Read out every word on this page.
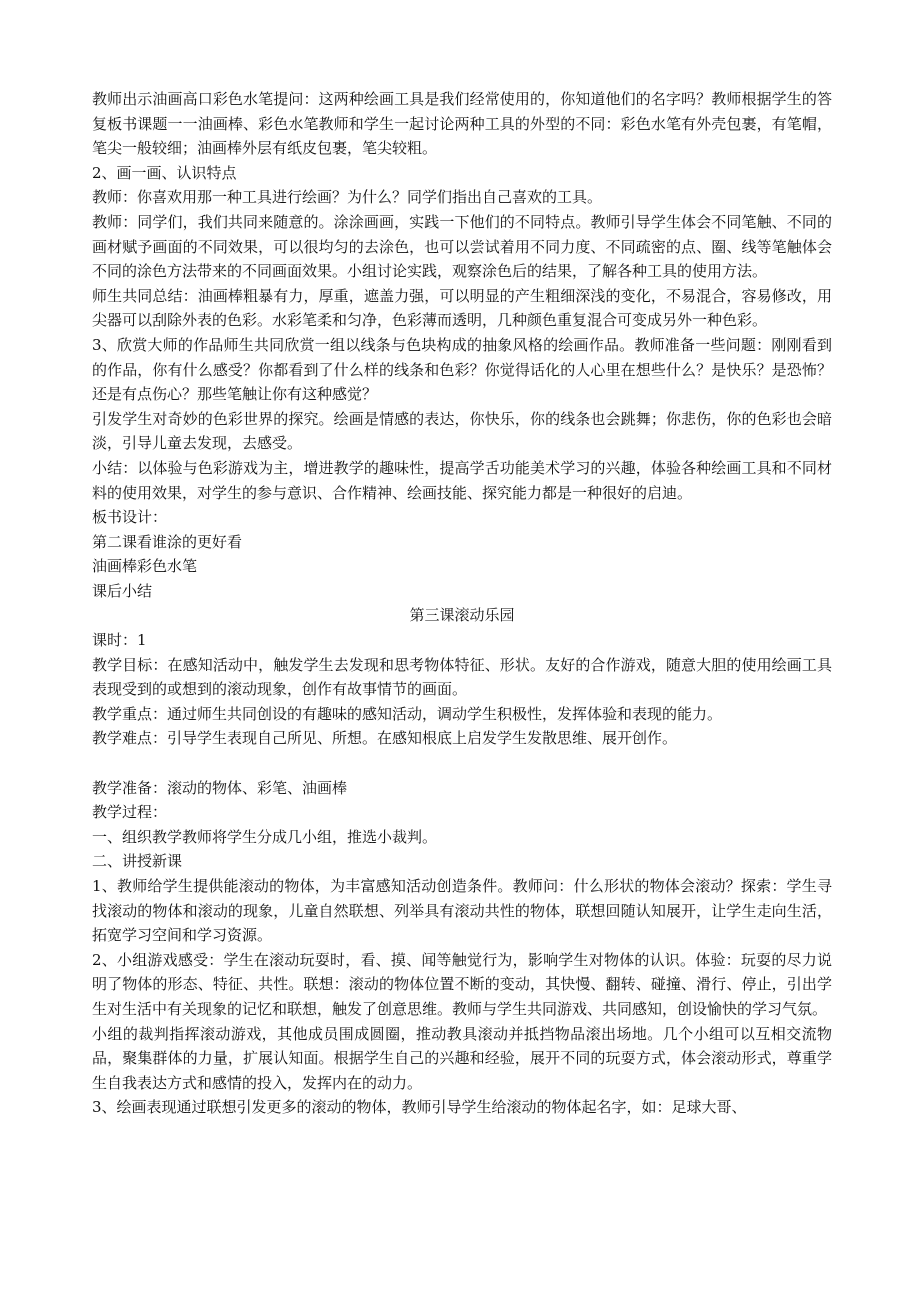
教师出示油画高口彩色水笔提问：这两种绘画工具是我们经常使用的，你知道他们的名字吗？教师根据学生的答复板书课题一一油画棒、彩色水笔教师和学生一起讨论两种工具的外型的不同：彩色水笔有外壳包裹，有笔帽，笔尖一般较细；油画棒外层有纸皮包裹，笔尖较粗。

2、画一画、认识特点

教师：你喜欢用那一种工具进行绘画？为什么？同学们指出自己喜欢的工具。

教师：同学们，我们共同来随意的。涂涂画画，实践一下他们的不同特点。教师引导学生体会不同笔触、不同的画材赋予画面的不同效果，可以很均匀的去涂色，也可以尝试着用不同力度、不同疏密的点、圈、线等笔触体会不同的涂色方法带来的不同画面效果。小组讨论实践，观察涂色后的结果，了解各种工具的使用方法。

师生共同总结：油画棒粗暴有力，厚重，遮盖力强，可以明显的产生粗细深浅的变化，不易混合，容易修改，用尖器可以刮除外表的色彩。水彩笔柔和匀净，色彩薄而透明，几种颜色重复混合可变成另外一种色彩。

3、欣赏大师的作品师生共同欣赏一组以线条与色块构成的抽象风格的绘画作品。教师准备一些问题：刚刚看到的作品，你有什么感受？你都看到了什么样的线条和色彩？你觉得话化的人心里在想些什么？是快乐？是恐怖？还是有点伤心？那些笔触让你有这种感觉？

引发学生对奇妙的色彩世界的探究。绘画是情感的表达，你快乐，你的线条也会跳舞；你悲伤，你的色彩也会暗淡，引导儿童去发现，去感受。

小结：以体验与色彩游戏为主，增进教学的趣味性，提高学舌功能美术学习的兴趣，体验各种绘画工具和不同材料的使用效果，对学生的参与意识、合作精神、绘画技能、探究能力都是一种很好的启迪。

板书设计：

第二课看谁涂的更好看

油画棒彩色水笔

课后小结

第三课滚动乐园

课时：1

教学目标：在感知活动中，触发学生去发现和思考物体特征、形状。友好的合作游戏，随意大胆的使用绘画工具表现受到的或想到的滚动现象，创作有故事情节的画面。

教学重点：通过师生共同创设的有趣味的感知活动，调动学生积极性，发挥体验和表现的能力。

教学难点：引导学生表现自己所见、所想。在感知根底上启发学生发散思维、展开创作。

教学准备：滚动的物体、彩笔、油画棒

教学过程：

一、组织教学教师将学生分成几小组，推选小裁判。

二、讲授新课

1、教师给学生提供能滚动的物体，为丰富感知活动创造条件。教师问：什么形状的物体会滚动？探索：学生寻找滚动的物体和滚动的现象，儿童自然联想、列举具有滚动共性的物体，联想回随认知展开，让学生走向生活，拓宽学习空间和学习资源。

2、小组游戏感受：学生在滚动玩耍时，看、摸、闻等触觉行为，影响学生对物体的认识。体验：玩耍的尽力说明了物体的形态、特征、共性。联想：滚动的物体位置不断的变动，其快慢、翻转、碰撞、滑行、停止，引出学生对生活中有关现象的记忆和联想，触发了创意思维。教师与学生共同游戏、共同感知，创设愉快的学习气氛。

小组的裁判指挥滚动游戏，其他成员围成圆圈，推动教具滚动并抵挡物品滚出场地。几个小组可以互相交流物品，聚集群体的力量，扩展认知面。根据学生自己的兴趣和经验，展开不同的玩耍方式，体会滚动形式，尊重学生自我表达方式和感情的投入，发挥内在的动力。

3、绘画表现通过联想引发更多的滚动的物体，教师引导学生给滚动的物体起名字，如：足球大哥、
